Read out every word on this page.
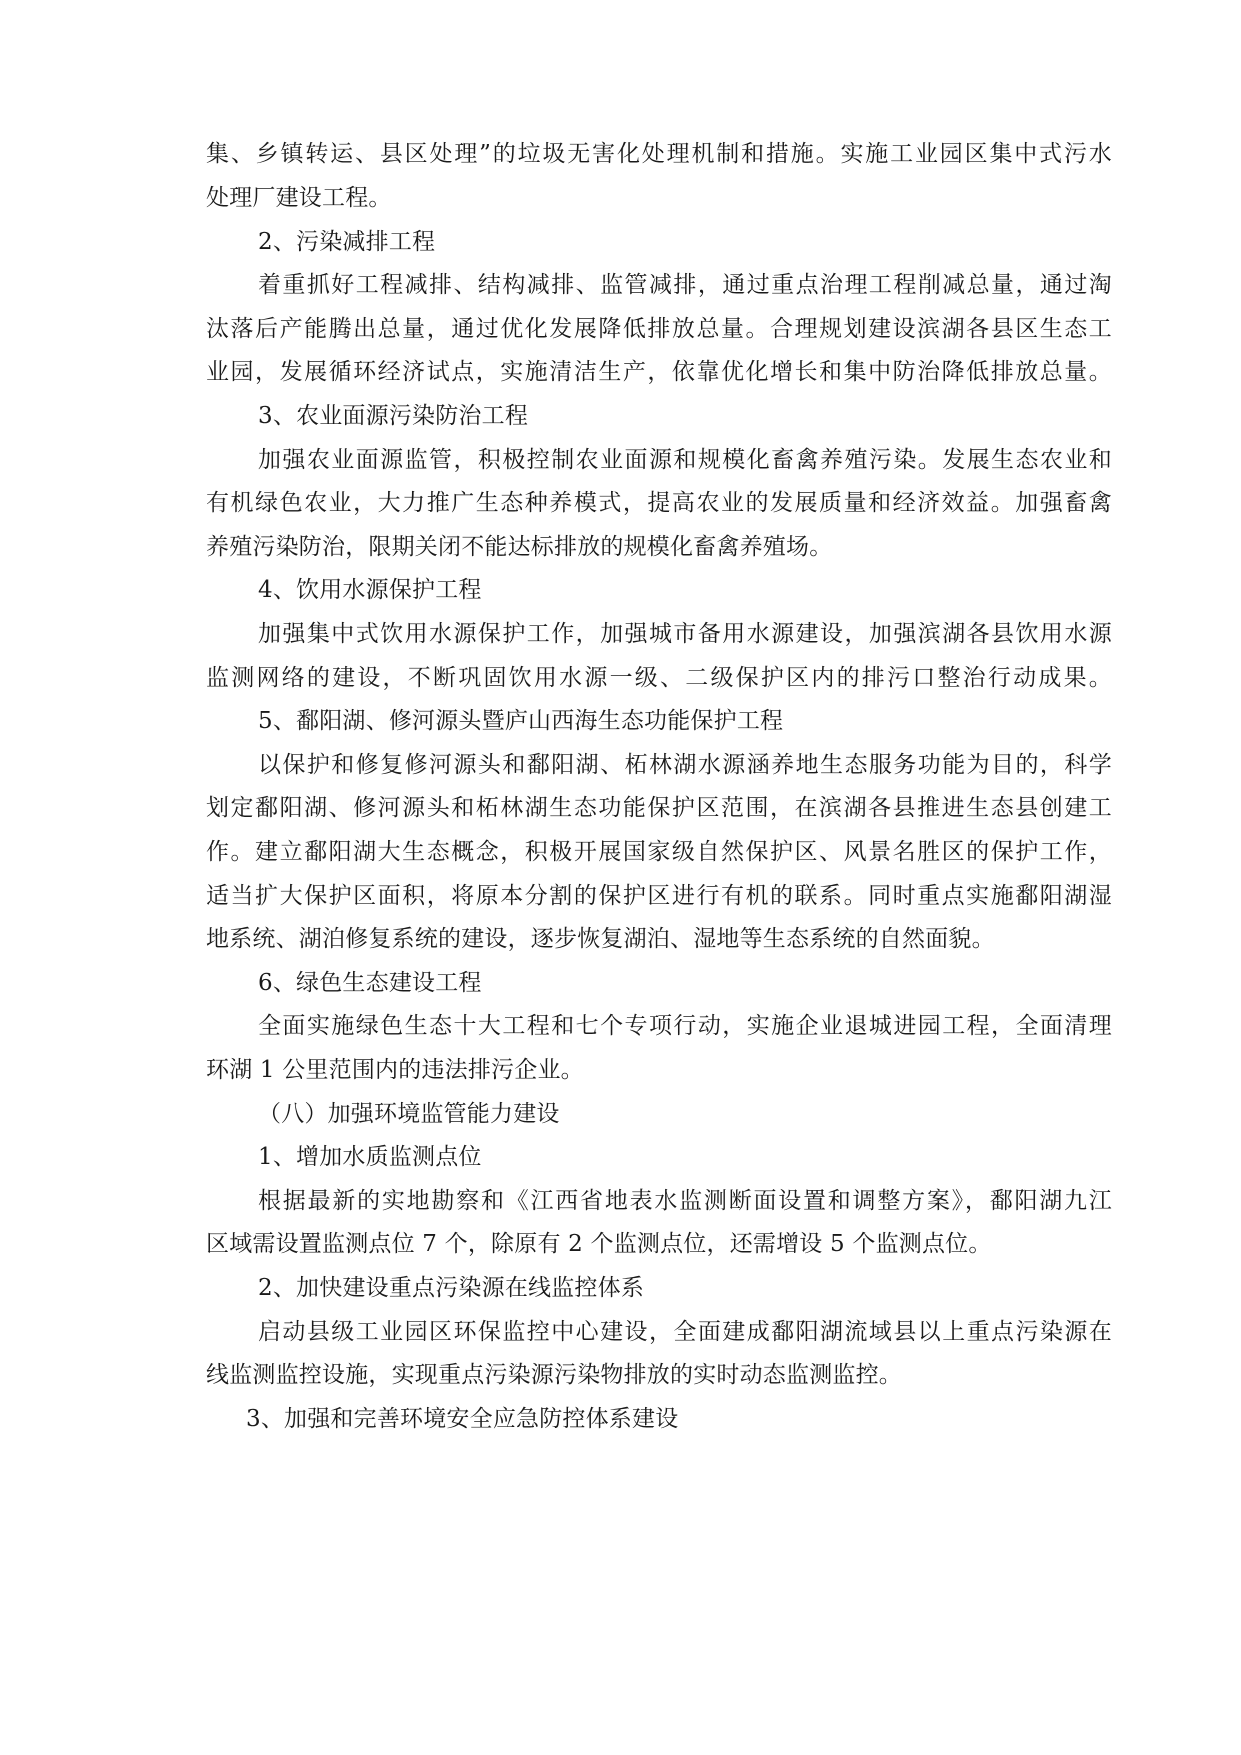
集、乡镇转运、县区处理”的垃圾无害化处理机制和措施。实施工业园区集中式污水
处理厂建设工程。
2、污染减排工程
着重抓好工程减排、结构减排、监管减排，通过重点治理工程削减总量，通过淘
汰落后产能腾出总量，通过优化发展降低排放总量。合理规划建设滨湖各县区生态工
业园，发展循环经济试点，实施清洁生产，依靠优化增长和集中防治降低排放总量。
3、农业面源污染防治工程
加强农业面源监管，积极控制农业面源和规模化畜禽养殖污染。发展生态农业和
有机绿色农业，大力推广生态种养模式，提高农业的发展质量和经济效益。加强畜禽
养殖污染防治，限期关闭不能达标排放的规模化畜禽养殖场。
4、饮用水源保护工程
加强集中式饮用水源保护工作，加强城市备用水源建设，加强滨湖各县饮用水源
监测网络的建设，不断巩固饮用水源一级、二级保护区内的排污口整治行动成果。
5、鄱阳湖、修河源头暨庐山西海生态功能保护工程
以保护和修复修河源头和鄱阳湖、柘林湖水源涵养地生态服务功能为目的，科学
划定鄱阳湖、修河源头和柘林湖生态功能保护区范围，在滨湖各县推进生态县创建工
作。建立鄱阳湖大生态概念，积极开展国家级自然保护区、风景名胜区的保护工作，
适当扩大保护区面积，将原本分割的保护区进行有机的联系。同时重点实施鄱阳湖湿
地系统、湖泊修复系统的建设，逐步恢复湖泊、湿地等生态系统的自然面貌。
6、绿色生态建设工程
全面实施绿色生态十大工程和七个专项行动，实施企业退城进园工程，全面清理
环湖 1 公里范围内的违法排污企业。
（八）加强环境监管能力建设
1、增加水质监测点位
根据最新的实地勘察和《江西省地表水监测断面设置和调整方案》，鄱阳湖九江
区域需设置监测点位 7 个，除原有 2 个监测点位，还需增设 5 个监测点位。
2、加快建设重点污染源在线监控体系
启动县级工业园区环保监控中心建设，全面建成鄱阳湖流域县以上重点污染源在
线监测监控设施，实现重点污染源污染物排放的实时动态监测监控。
3、加强和完善环境安全应急防控体系建设
